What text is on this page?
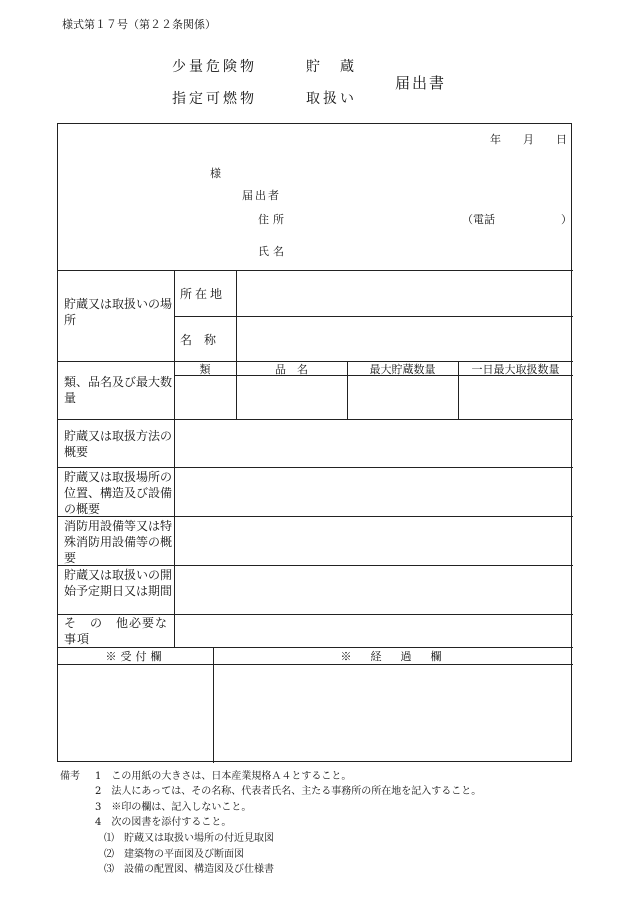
様式第１７号（第２２条関係）
少量危険物	貯　蔵
指定可燃物	取扱い
届出書
年　　月　　日
様
届出者
住所	（電話　　　　　　）
氏名
貯蔵又は取扱いの場所
所在地
名　称
類、品名及び最大数量
類	品　名	最大貯蔵数量	一日最大取扱数量
貯蔵又は取扱方法の概要
貯蔵又は取扱場所の位置、構造及び設備の概要
消防用設備等又は特殊消防用設備等の概要
貯蔵又は取扱いの開始予定期日又は期間
そ　の　他必要な事項
※受付欄	※　経　過　欄
備考 1　この用紙の大きさは、日本産業規格Ａ４とすること。
2　法人にあっては、その名称、代表者氏名、主たる事務所の所在地を記入すること。
3　※印の欄は、記入しないこと。
4　次の図書を添付すること。
⑴　貯蔵又は取扱い場所の付近見取図
⑵　建築物の平面図及び断面図
⑶　設備の配置図、構造図及び仕様書
